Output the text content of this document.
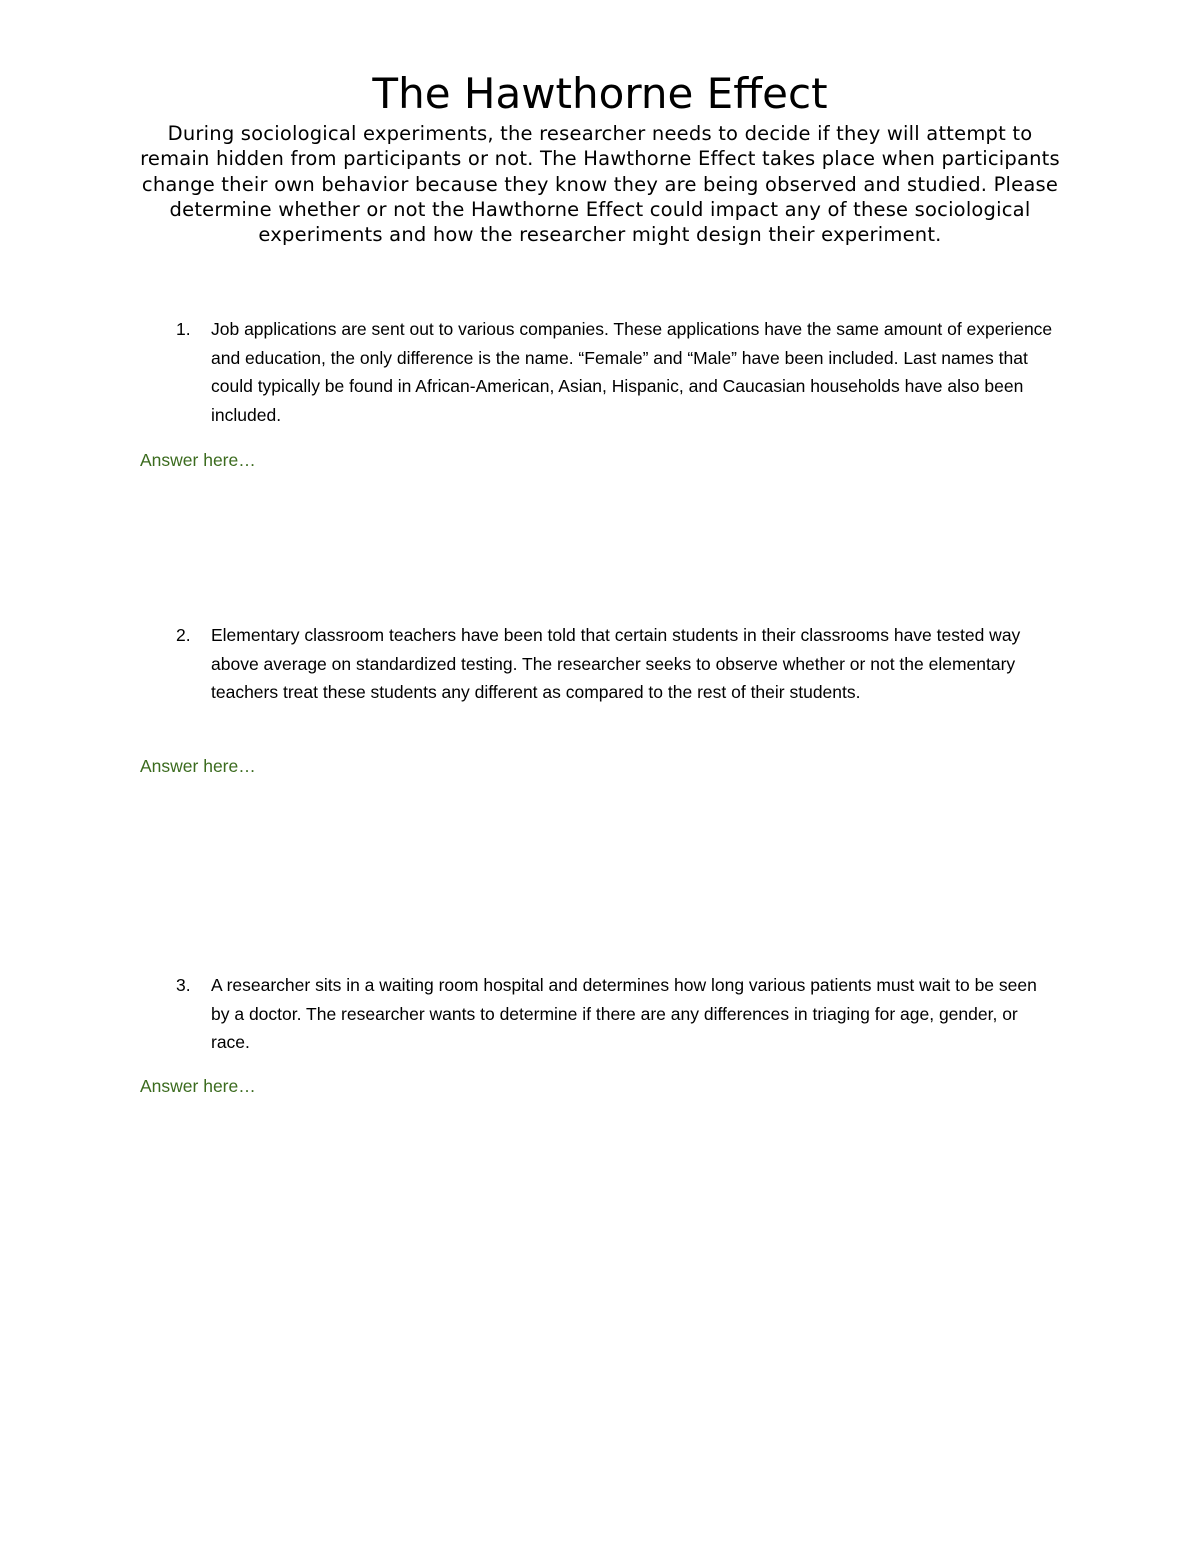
The Hawthorne Effect

During sociological experiments, the researcher needs to decide if they will attempt to remain hidden from participants or not. The Hawthorne Effect takes place when participants change their own behavior because they know they are being observed and studied. Please determine whether or not the Hawthorne Effect could impact any of these sociological experiments and how the researcher might design their experiment.

1.	Job applications are sent out to various companies. These applications have the same amount of experience and education, the only difference is the name. “Female” and “Male” have been included. Last names that could typically be found in African-American, Asian, Hispanic, and Caucasian households have also been included.
Answer here…
2.	Elementary classroom teachers have been told that certain students in their classrooms have tested way above average on standardized testing. The researcher seeks to observe whether or not the elementary teachers treat these students any different as compared to the rest of their students.
Answer here…
3.	A researcher sits in a waiting room hospital and determines how long various patients must wait to be seen by a doctor. The researcher wants to determine if there are any differences in triaging for age, gender, or race.
Answer here…
